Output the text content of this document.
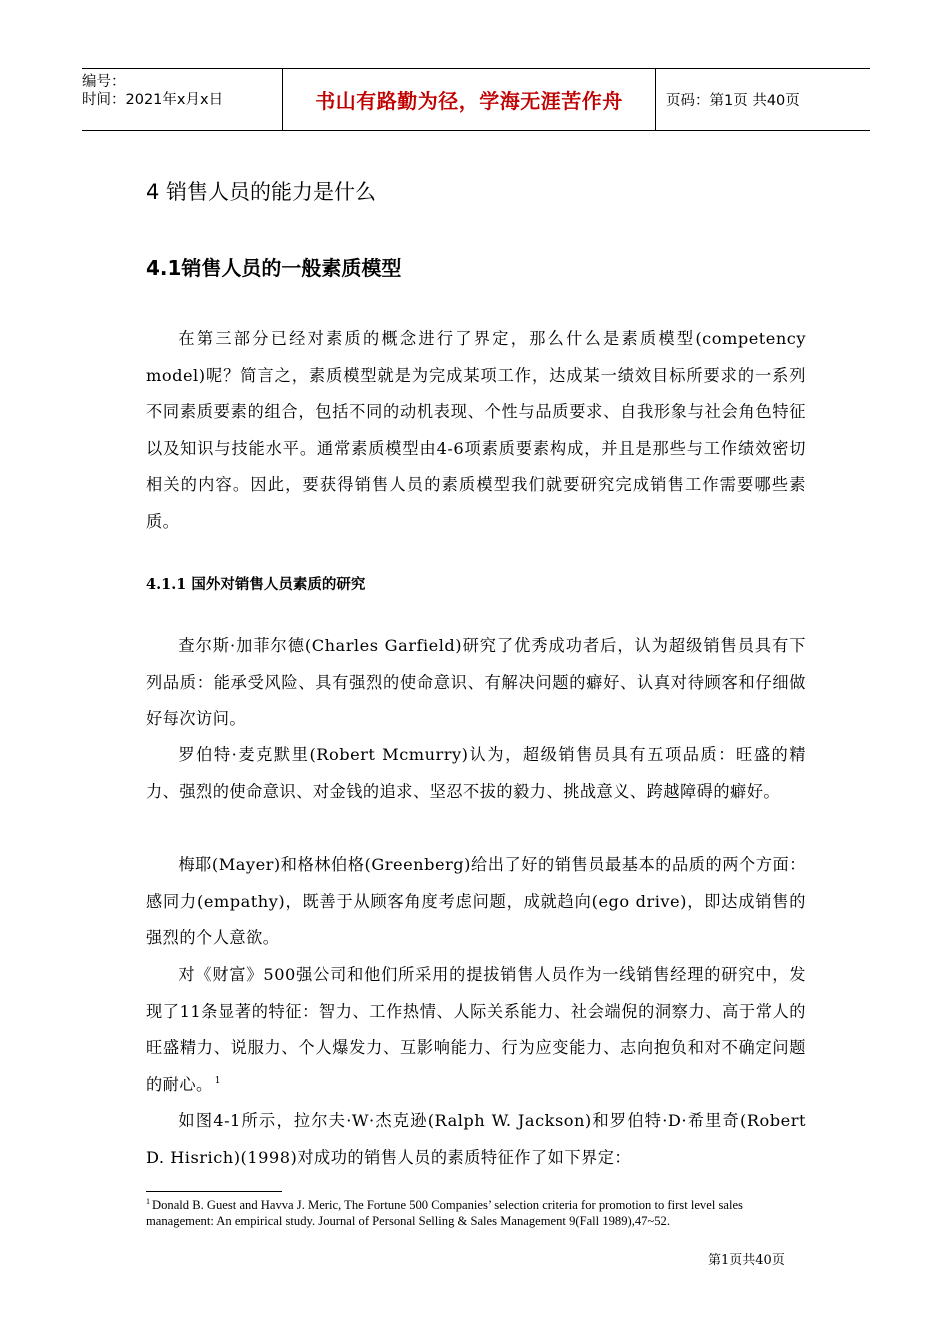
编号：
时间：2021年x月x日	书山有路勤为径，学海无涯苦作舟	页码：第1页 共40页
4 销售人员的能力是什么
4.1销售人员的一般素质模型

在第三部分已经对素质的概念进行了界定，那么什么是素质模型(competency model)呢？简言之，素质模型就是为完成某项工作，达成某一绩效目标所要求的一系列不同素质要素的组合，包括不同的动机表现、个性与品质要求、自我形象与社会角色特征以及知识与技能水平。通常素质模型由4-6项素质要素构成，并且是那些与工作绩效密切相关的内容。因此，要获得销售人员的素质模型我们就要研究完成销售工作需要哪些素质。

4.1.1 国外对销售人员素质的研究

查尔斯·加菲尔德(Charles Garfield)研究了优秀成功者后，认为超级销售员具有下列品质：能承受风险、具有强烈的使命意识、有解决问题的癖好、认真对待顾客和仔细做好每次访问。

罗伯特·麦克默里(Robert Mcmurry)认为，超级销售员具有五项品质：旺盛的精力、强烈的使命意识、对金钱的追求、坚忍不拔的毅力、挑战意义、跨越障碍的癖好。

梅耶(Mayer)和格林伯格(Greenberg)给出了好的销售员最基本的品质的两个方面：感同力(empathy)，既善于从顾客角度考虑问题，成就趋向(ego drive)，即达成销售的强烈的个人意欲。

对《财富》500强公司和他们所采用的提拔销售人员作为一线销售经理的研究中，发现了11条显著的特征：智力、工作热情、人际关系能力、社会端倪的洞察力、高于常人的旺盛精力、说服力、个人爆发力、互影响能力、行为应变能力、志向抱负和对不确定问题的耐心。 $^1$

如图4-1所示，拉尔夫·W·杰克逊(Ralph W. Jackson)和罗伯特·D·希里奇(Robert D. Hisrich)(1998)对成功的销售人员的素质特征作了如下界定：

$^1$ Donald B. Guest and Havva J. Meric, The Fortune 500 Companies’ selection criteria for promotion to first level sales management: An empirical study. Journal of Personal Selling & Sales Management 9(Fall 1989),47~52.
第1页共40页
